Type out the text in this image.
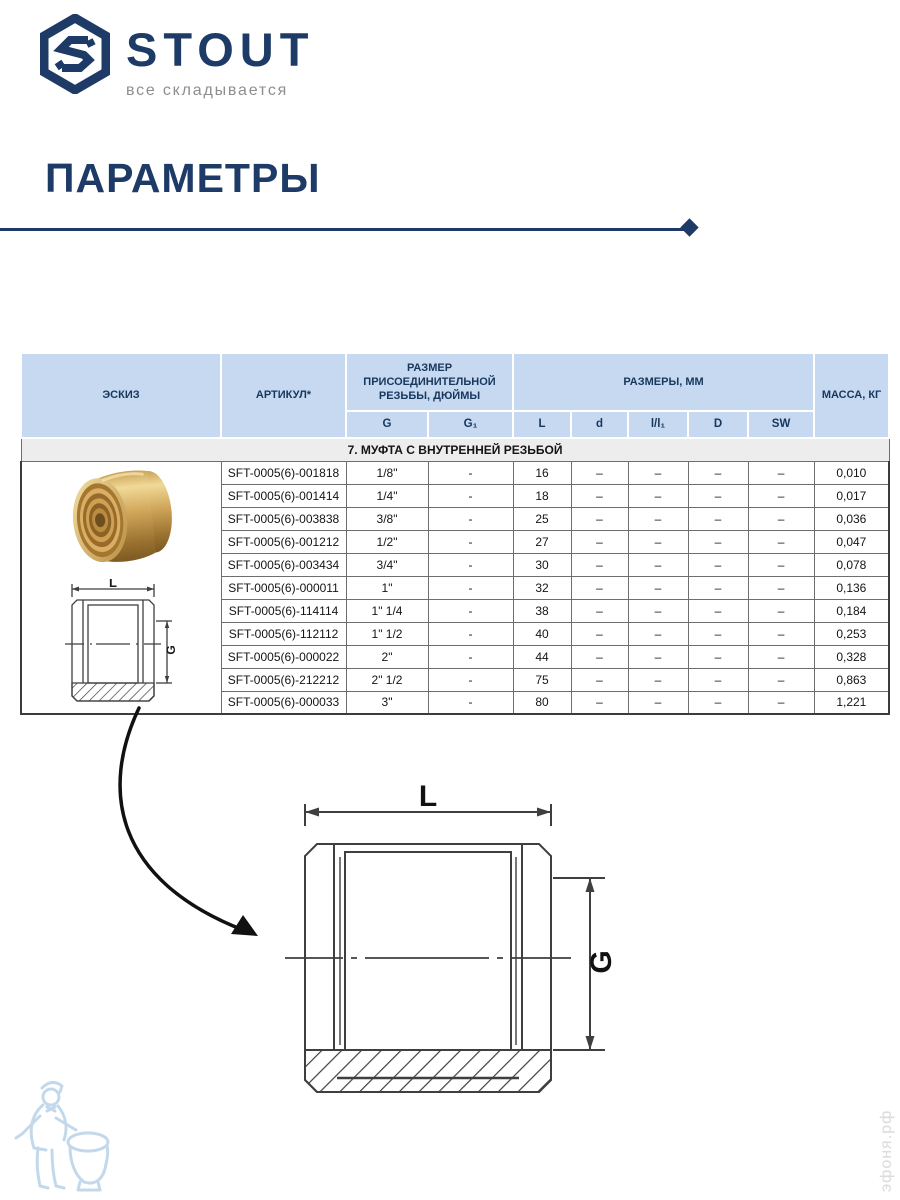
STOUT
все складывается
ПАРАМЕТРЫ
ЭСКИЗ	АРТИКУЛ*	РАЗМЕР ПРИСОЕДИНИТЕЛЬНОЙ РЕЗЬБЫ, ДЮЙМЫ		РАЗМЕРЫ, ММ					МАССА, КГ
		G	G₁	L	d	l/l₁	D	SW	
7. МУФТА С ВНУТРЕННЕЙ РЕЗЬБОЙ									

L
G	SFT-0005(6)-001818	1/8"	-	16	–	–	–	–	0,010
	SFT-0005(6)-001414	1/4"	-	18	–	–	–	–	0,017
	SFT-0005(6)-003838	3/8"	-	25	–	–	–	–	0,036
	SFT-0005(6)-001212	1/2"	-	27	–	–	–	–	0,047
	SFT-0005(6)-003434	3/4"	-	30	–	–	–	–	0,078
	SFT-0005(6)-000011	1"	-	32	–	–	–	–	0,136
	SFT-0005(6)-114114	1" 1/4	-	38	–	–	–	–	0,184
	SFT-0005(6)-112112	1" 1/2	-	40	–	–	–	–	0,253
	SFT-0005(6)-000022	2"	-	44	–	–	–	–	0,328
	SFT-0005(6)-212212	2" 1/2	-	75	–	–	–	–	0,863
	SFT-0005(6)-000033	3"	-	80	–	–	–	–	1,221
L
G
эфоня.рф
